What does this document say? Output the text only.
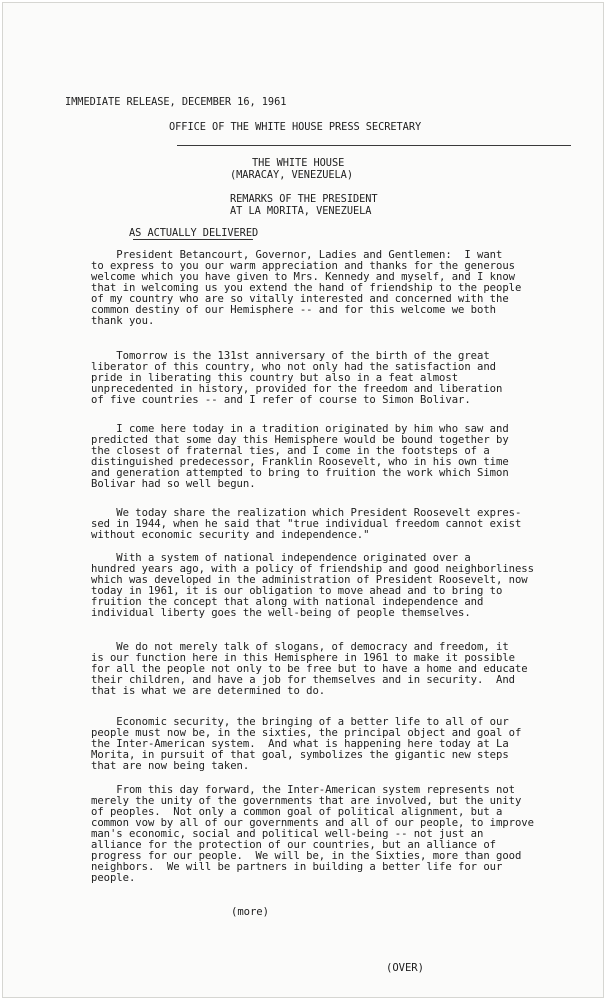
IMMEDIATE RELEASE, DECEMBER 16, 1961
OFFICE OF THE WHITE HOUSE PRESS SECRETARY
THE WHITE HOUSE
(MARACAY, VENEZUELA)
REMARKS OF THE PRESIDENT
AT LA MORITA, VENEZUELA
AS ACTUALLY DELIVERED
President Betancourt, Governor, Ladies and Gentlemen:  I want
to express to you our warm appreciation and thanks for the generous
welcome which you have given to Mrs. Kennedy and myself, and I know
that in welcoming us you extend the hand of friendship to the people
of my country who are so vitally interested and concerned with the
common destiny of our Hemisphere -- and for this welcome we both
thank you.
Tomorrow is the 131st anniversary of the birth of the great
liberator of this country, who not only had the satisfaction and
pride in liberating this country but also in a feat almost
unprecedented in history, provided for the freedom and liberation
of five countries -- and I refer of course to Simon Bolivar.
I come here today in a tradition originated by him who saw and
predicted that some day this Hemisphere would be bound together by
the closest of fraternal ties, and I come in the footsteps of a
distinguished predecessor, Franklin Roosevelt, who in his own time
and generation attempted to bring to fruition the work which Simon
Bolivar had so well begun.
We today share the realization which President Roosevelt expres-
sed in 1944, when he said that "true individual freedom cannot exist
without economic security and independence."
With a system of national independence originated over a
hundred years ago, with a policy of friendship and good neighborliness
which was developed in the administration of President Roosevelt, now
today in 1961, it is our obligation to move ahead and to bring to
fruition the concept that along with national independence and
individual liberty goes the well-being of people themselves.
We do not merely talk of slogans, of democracy and freedom, it
is our function here in this Hemisphere in 1961 to make it possible
for all the people not only to be free but to have a home and educate
their children, and have a job for themselves and in security.  And
that is what we are determined to do.
Economic security, the bringing of a better life to all of our
people must now be, in the sixties, the principal object and goal of
the Inter-American system.  And what is happening here today at La
Morita, in pursuit of that goal, symbolizes the gigantic new steps
that are now being taken.
From this day forward, the Inter-American system represents not
merely the unity of the governments that are involved, but the unity
of peoples.  Not only a common goal of political alignment, but a
common vow by all of our governments and all of our people, to improve
man's economic, social and political well-being -- not just an
alliance for the protection of our countries, but an alliance of
progress for our people.  We will be, in the Sixties, more than good
neighbors.  We will be partners in building a better life for our
people.
(more)
(OVER)
